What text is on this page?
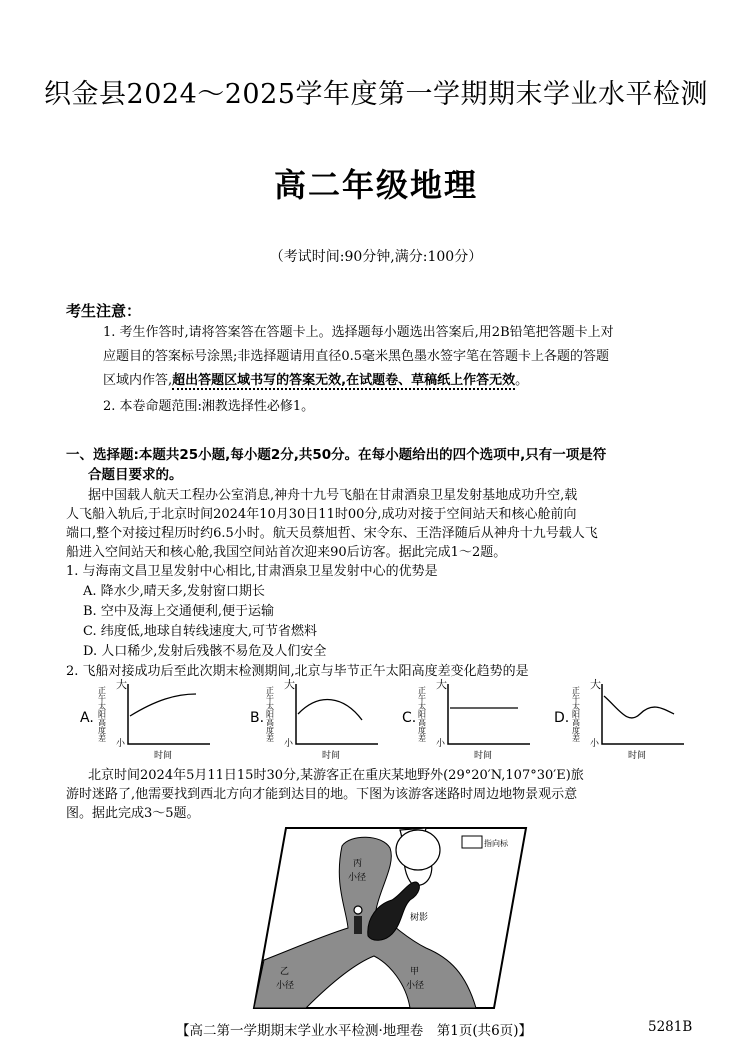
织金县2024～2025学年度第一学期期末学业水平检测
高二年级地理
（考试时间:90分钟,满分:100分）
考生注意：
1. 考生作答时,请将答案答在答题卡上。选择题每小题选出答案后,用2B铅笔把答题卡上对
应题目的答案标号涂黑;非选择题请用直径0.5毫米黑色墨水签字笔在答题卡上各题的答题
区域内作答,超出答题区域书写的答案无效,在试题卷、草稿纸上作答无效。
2. 本卷命题范围:湘教选择性必修1。
一、选择题:本题共25小题,每小题2分,共50分。在每小题给出的四个选项中,只有一项是符
合题目要求的。
据中国载人航天工程办公室消息,神舟十九号飞船在甘肃酒泉卫星发射基地成功升空,载
人飞船入轨后,于北京时间2024年10月30日11时00分,成功对接于空间站天和核心舱前向
端口,整个对接过程历时约6.5小时。航天员蔡旭哲、宋令东、王浩泽随后从神舟十九号载人飞
船进入空间站天和核心舱,我国空间站首次迎来90后访客。据此完成1～2题。
1. 与海南文昌卫星发射中心相比,甘肃酒泉卫星发射中心的优势是
A. 降水少,晴天多,发射窗口期长
B. 空中及海上交通便利,便于运输
C. 纬度低,地球自转线速度大,可节省燃料
D. 人口稀少,发射后残骸不易危及人们安全
2. 飞船对接成功后至此次期末检测期间,北京与毕节正午太阳高度差变化趋势的是
A. 正午太阳高度差
大
小
时间
B. 正午太阳高度差
大
小
时间
C. 正午太阳高度差
大
小
时间
D. 正午太阳高度差
大
小
时间
北京时间2024年5月11日15时30分,某游客正在重庆某地野外(29°20′N,107°30′E)旅
游时迷路了,他需要找到西北方向才能到达目的地。下图为该游客迷路时周边地物景观示意
图。据此完成3～5题。
指向标
丙
小径
树影
乙
小径
甲
小径
【高二第一学期期末学业水平检测·地理卷　第1页(共6页)】	5281B
